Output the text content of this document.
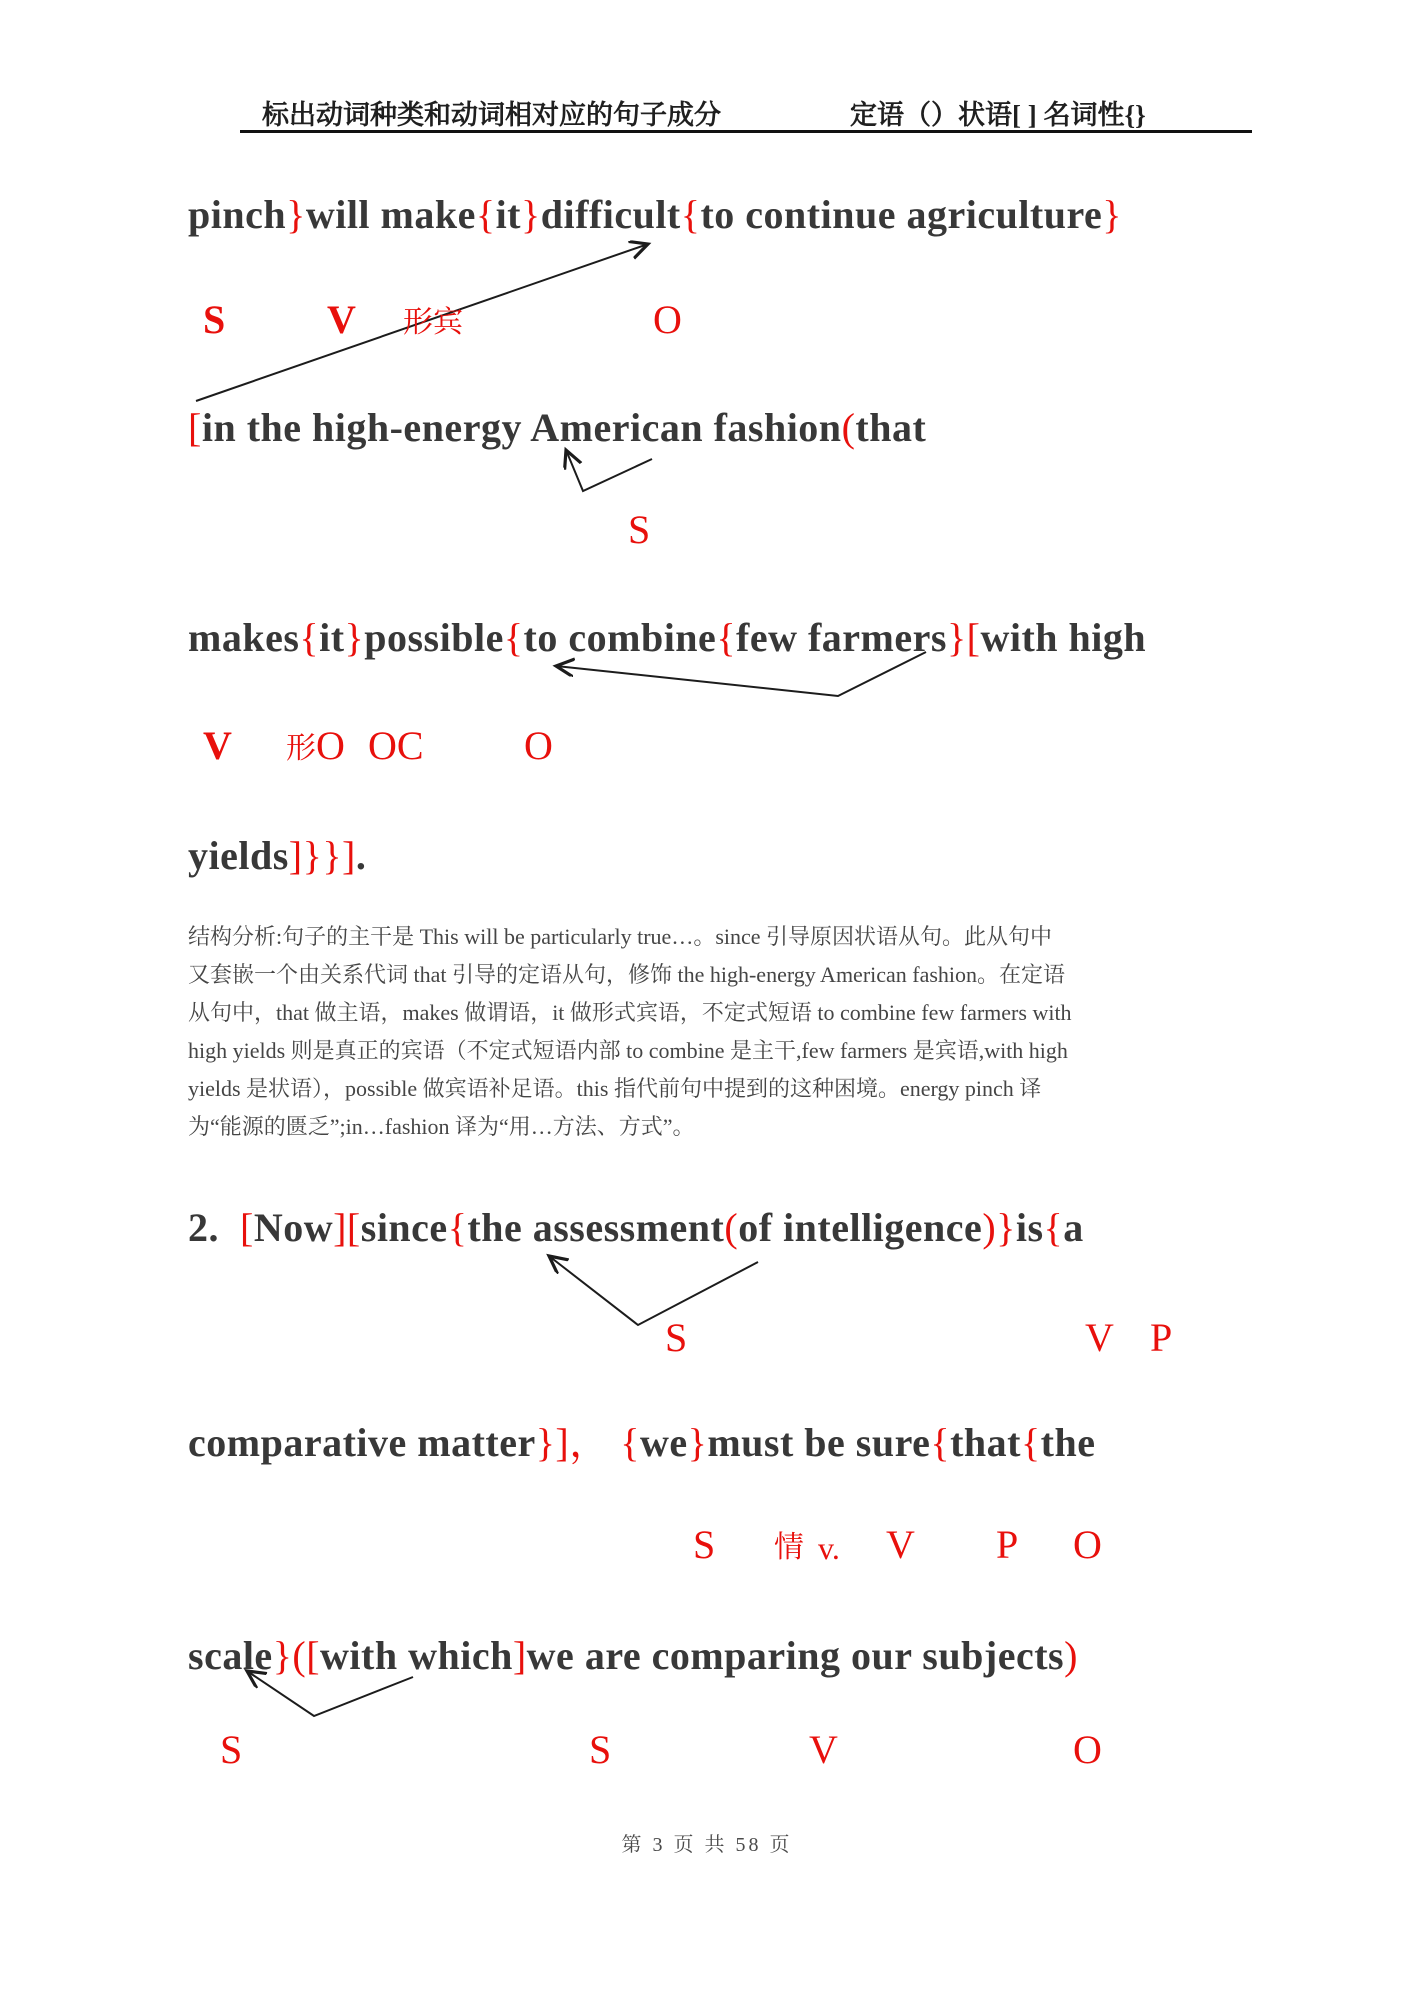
标出动词种类和动词相对应的句子成分	定语（）状语[ ] 名词性{}
pinch}will make{it}difficult{to continue agriculture}
[in the high-energy American fashion(that
makes{it}possible{to combine{few farmers}[with high
yields]}}].
2.  [Now][since{the assessment(of intelligence)}is{a
comparative matter}]， {we}must be sure{that{the
scale}([with which]we are comparing our subjects)
S	V 形宾	O
V 形 O OC	O
S	V P
S 情 v. V P O
S	S	V	O
S
结构分析:句子的主干是 This will be particularly true…。since 引导原因状语从句。此从句中
又套嵌一个由关系代词 that 引导的定语从句，修饰 the high-energy American fashion。在定语
从句中，that 做主语，makes 做谓语，it 做形式宾语，不定式短语 to combine few farmers with
high yields 则是真正的宾语（不定式短语内部 to combine 是主干,few farmers 是宾语,with high
yields 是状语），possible 做宾语补足语。this 指代前句中提到的这种困境。energy pinch 译
为“能源的匮乏”;in…fashion 译为“用…方法、方式”。
第 3 页 共 58 页
